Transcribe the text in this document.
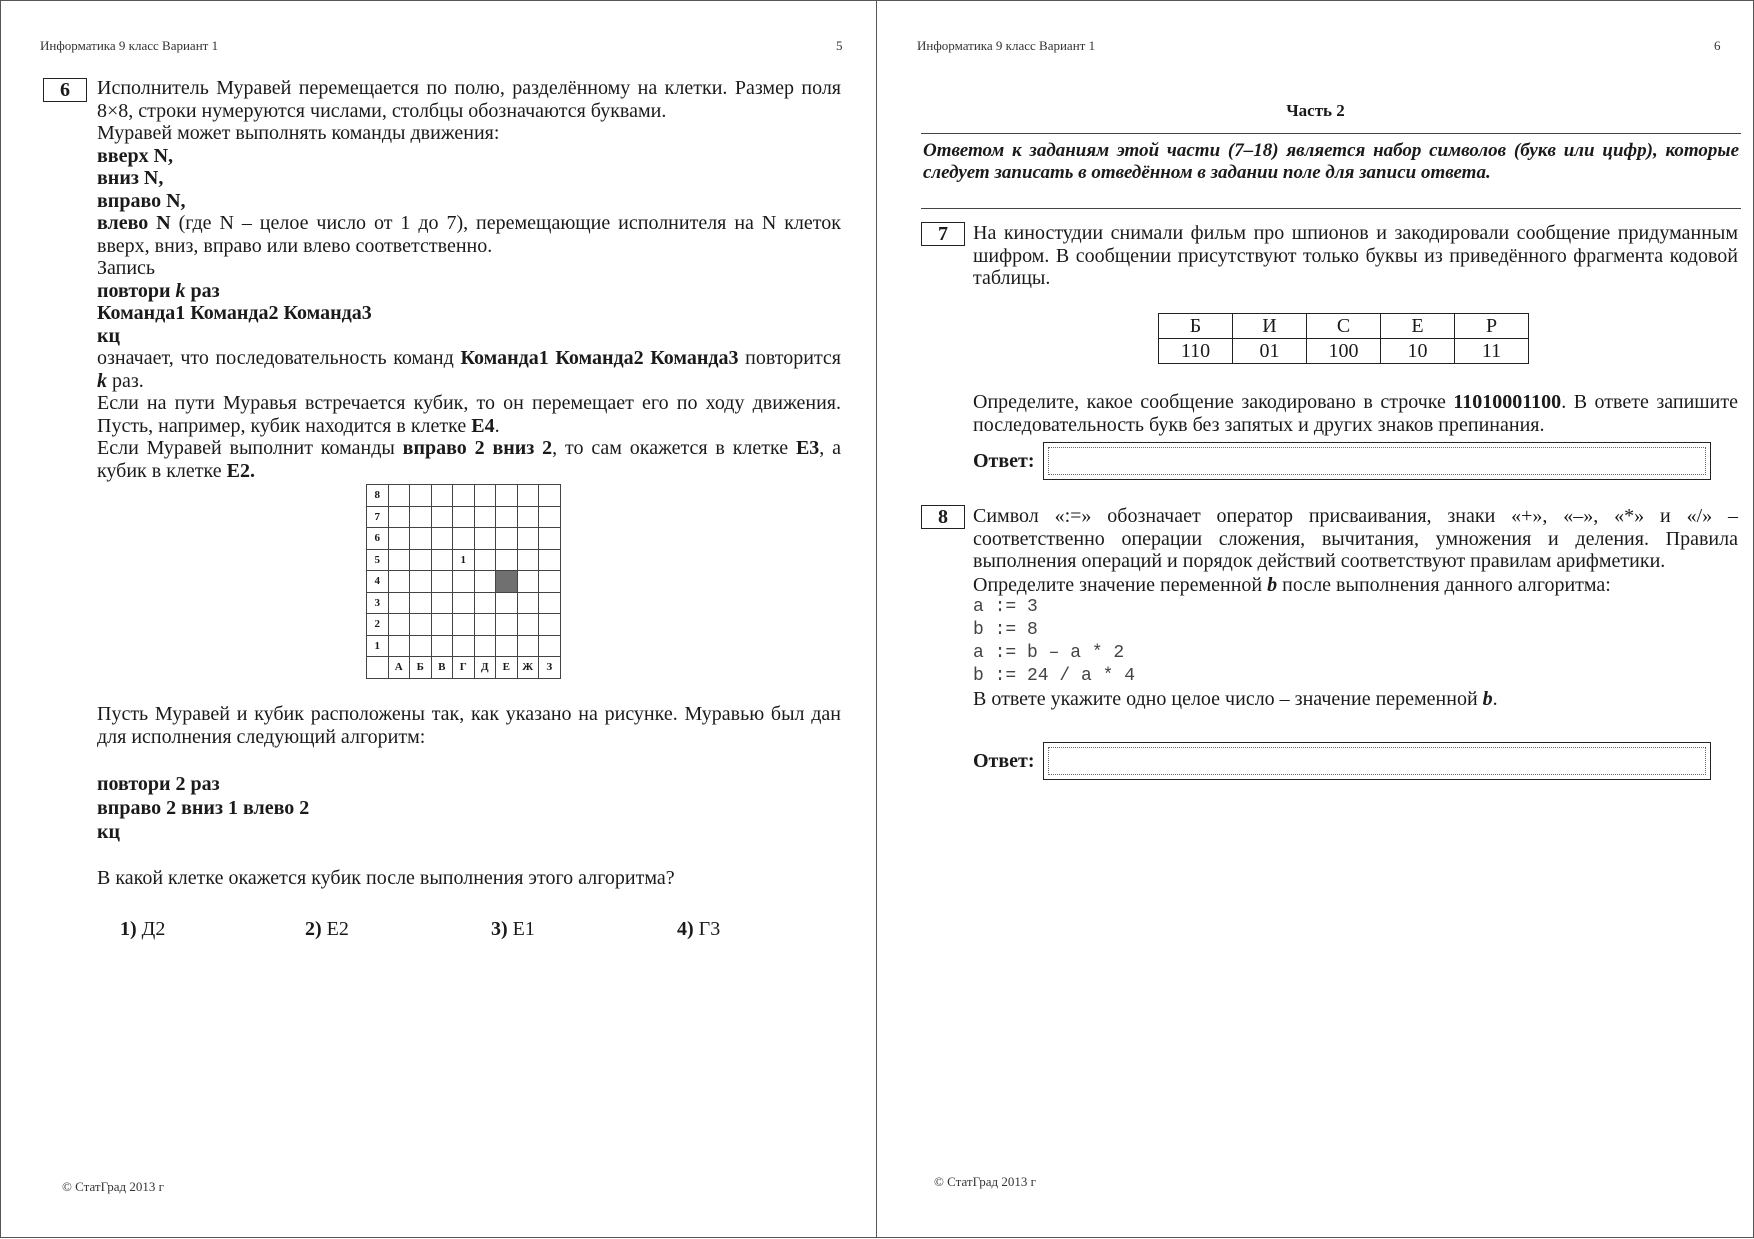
Информатика 9 класс Вариант 1	5
6	Исполнитель Муравей перемещается по полю, разделённому на клетки. Размер поля 8×8, строки нумеруются числами, столбцы обозначаются буквами.

Муравей может выполнять команды движения:

вверх N,

вниз N,

вправо N,

влево N (где N – целое число от 1 до 7), перемещающие исполнителя на N клеток вверх, вниз, вправо или влево соответственно.

Запись

повтори k раз

Команда1 Команда2 Команда3

кц

означает, что последовательность команд Команда1 Команда2 Команда3 повторится k раз.

Если на пути Муравья встречается кубик, то он перемещает его по ходу движения. Пусть, например, кубик находится в клетке Е4.

Если Муравей выполнит команды вправо 2 вниз 2, то сам окажется в клетке Е3, а кубик в клетке Е2.

8								
7								
6								
5				1				
4								
3								
2								
1								
	А	Б	В	Г	Д	Е	Ж	З

Пусть Муравей и кубик расположены так, как указано на рисунке. Муравью был дан для исполнения следующий алгоритм:

повтори 2 раз

вправо 2 вниз 1 влево 2

кц

В какой клетке окажется кубик после выполнения этого алгоритма?

1) Д2	2) Е2	3) Е1	4) Г3
© СтатГрад 2013 г
Информатика 9 класс Вариант 1	6
Часть 2
Ответом к заданиям этой части (7–18) является набор символов (букв или цифр), которые следует записать в отведённом в задании поле для записи ответа.
7	На киностудии снимали фильм про шпионов и закодировали сообщение придуманным шифром. В сообщении присутствуют только буквы из приведённого фрагмента кодовой таблицы.
Б	И	С	Е	Р
110	01	100	10	11

Определите, какое сообщение закодировано в строчке 11010001100. В ответе запишите последовательность букв без запятых и других знаков препинания.

Ответ:
8	Символ «:=» обозначает оператор присваивания, знаки «+», «–», «*» и «/» – соответственно операции сложения, вычитания, умножения и деления. Правила выполнения операций и порядок действий соответствуют правилам арифметики.

Определите значение переменной b после выполнения данного алгоритма:

a := 3
b := 8
a := b – a * 2
b := 24 / a * 4

В ответе укажите одно целое число – значение переменной b.

Ответ:
© СтатГрад 2013 г
